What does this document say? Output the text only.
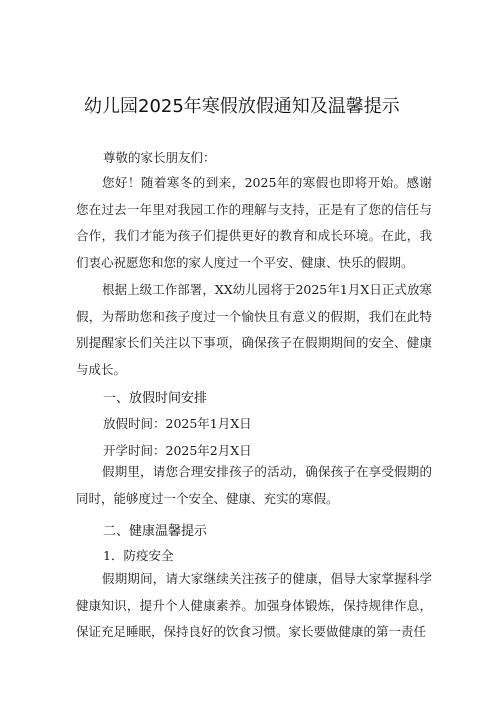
幼儿园2025年寒假放假通知及温馨提示
尊敬的家长朋友们：

您好！随着寒冬的到来，2025年的寒假也即将开始。感谢您在过去一年里对我园工作的理解与支持，正是有了您的信任与合作，我们才能为孩子们提供更好的教育和成长环境。在此，我们衷心祝愿您和您的家人度过一个平安、健康、快乐的假期。

根据上级工作部署，XX幼儿园将于2025年1月X日正式放寒假，为帮助您和孩子度过一个愉快且有意义的假期，我们在此特别提醒家长们关注以下事项，确保孩子在假期期间的安全、健康与成长。

一、放假时间安排
放假时间：2025年1月X日
开学时间：2025年2月X日

假期里，请您合理安排孩子的活动，确保孩子在享受假期的同时，能够度过一个安全、健康、充实的寒假。

二、健康温馨提示
1．防疫安全

假期期间，请大家继续关注孩子的健康，倡导大家掌握科学健康知识，提升个人健康素养。加强身体锻炼，保持规律作息，保证充足睡眠，保持良好的饮食习惯。家长要做健康的第一责任
